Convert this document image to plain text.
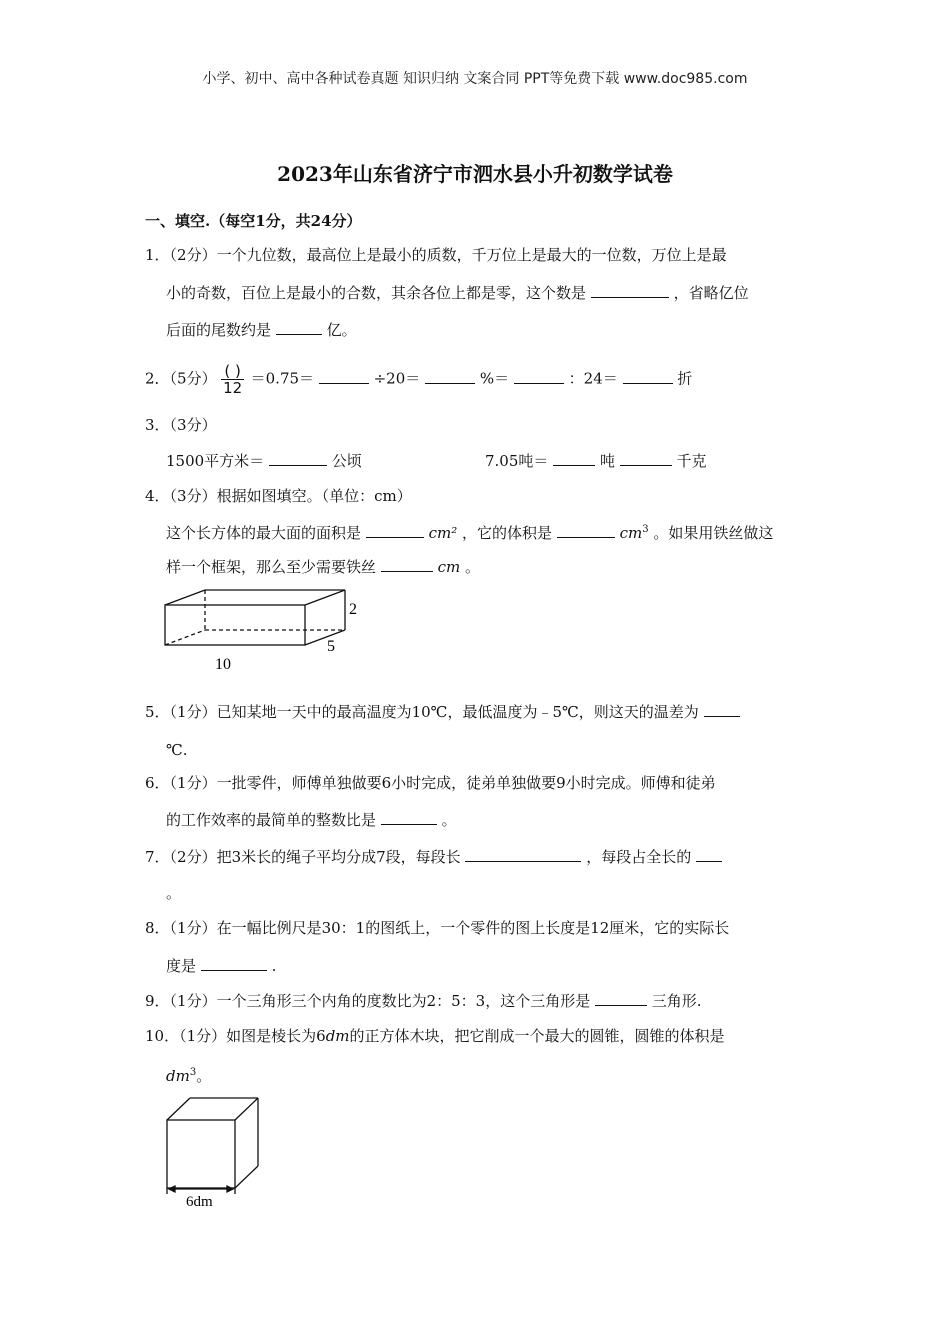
小学、初中、高中各种试卷真题 知识归纳 文案合同 PPT等免费下载 www.doc985.com
2023年山东省济宁市泗水县小升初数学试卷
一、填空.（每空1分，共24分）
1．（2分）一个九位数，最高位上是最小的质数，千万位上是最大的一位数，万位上是最
小的奇数，百位上是最小的合数，其余各位上都是零，这个数是	，省略亿位
后面的尾数约是	亿。
2．（5分） $\frac{( )}{12} =0.75=$	÷20＝	%＝	：24＝	折
3．（3分）
1500平方米＝	公顷	7.05吨＝	吨	千克
4．（3分）根据如图填空。（单位：cm）
这个长方体的最大面的面积是	cm² ，它的体积是	$cm^3$ 。如果用铁丝做这
样一个框架，那么至少需要铁丝	cm 。
2
5
10
5．（1分）已知某地一天中的最高温度为10℃，最低温度为﹣5℃，则这天的温差为
℃.
6．（1分）一批零件，师傅单独做要6小时完成，徒弟单独做要9小时完成。师傅和徒弟
的工作效率的最简单的整数比是	。
7．（2分）把3米长的绳子平均分成7段，每段长	，每段占全长的
。
8．（1分）在一幅比例尺是30：1的图纸上，一个零件的图上长度是12厘米，它的实际长
度是	.
9．（1分）一个三角形三个内角的度数比为2：5：3，这个三角形是	三角形.
10．（1分）如图是棱长为6dm的正方体木块，把它削成一个最大的圆锥，圆锥的体积是
$dm^3$。
6dm
